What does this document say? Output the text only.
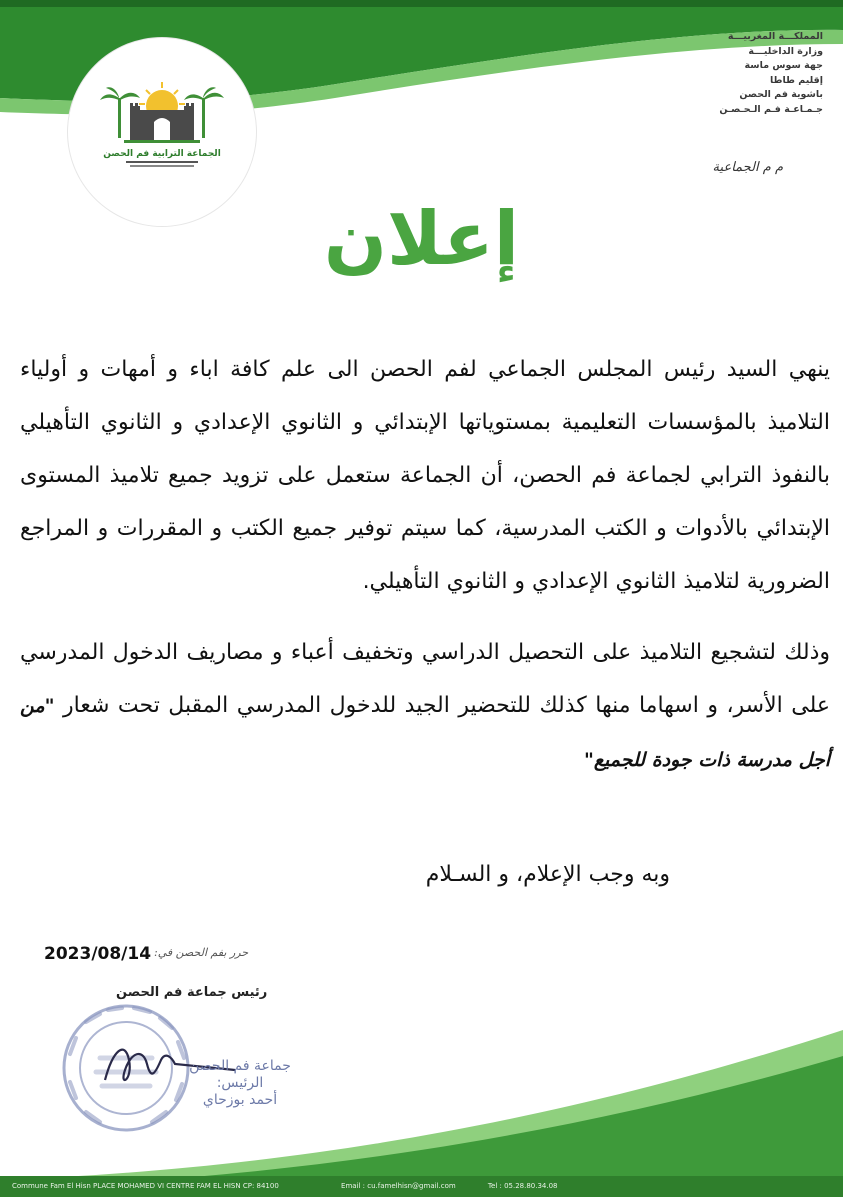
الجماعة الترابية فم الحصن
المملكـــة المغربيـــة
وزارة الداخليـــة
جهة سوس ماسة
إقليم طاطا
باشوية فم الحصن
جـمـاعـة فـم الـحـصـن
م م الجماعية
إعلان

ينهي السيد رئيس المجلس الجماعي لفم الحصن الى علم كافة اباء و أمهات و أولياء التلاميذ بالمؤسسات التعليمية بمستوياتها الإبتدائي و الثانوي الإعدادي و الثانوي التأهيلي بالنفوذ الترابي لجماعة فم الحصن، أن الجماعة ستعمل على تزويد جميع تلاميذ المستوى الإبتدائي بالأدوات و الكتب المدرسية، كما سيتم توفير جميع الكتب و المقررات و المراجع الضرورية لتلاميذ الثانوي الإعدادي و الثانوي التأهيلي.

وذلك لتشجيع التلاميذ على التحصيل الدراسي وتخفيف أعباء و مصاريف الدخول المدرسي على الأسر، و اسهاما منها كذلك للتحضير الجيد للدخول المدرسي المقبل تحت شعار "من أجل مدرسة ذات جودة للجميع"

وبه وجب الإعلام، و السـلام
حرر بفم الحصن في:
2023/08/14
رئيس جماعة فم الحصن
جماعة فم الحصن
الرئيس:
أحمد بوزحاي
Commune Fam El Hisn PLACE MOHAMED VI CENTRE FAM EL HISN CP: 84100	Email : cu.famelhisn@gmail.com	Tel : 05.28.80.34.08
